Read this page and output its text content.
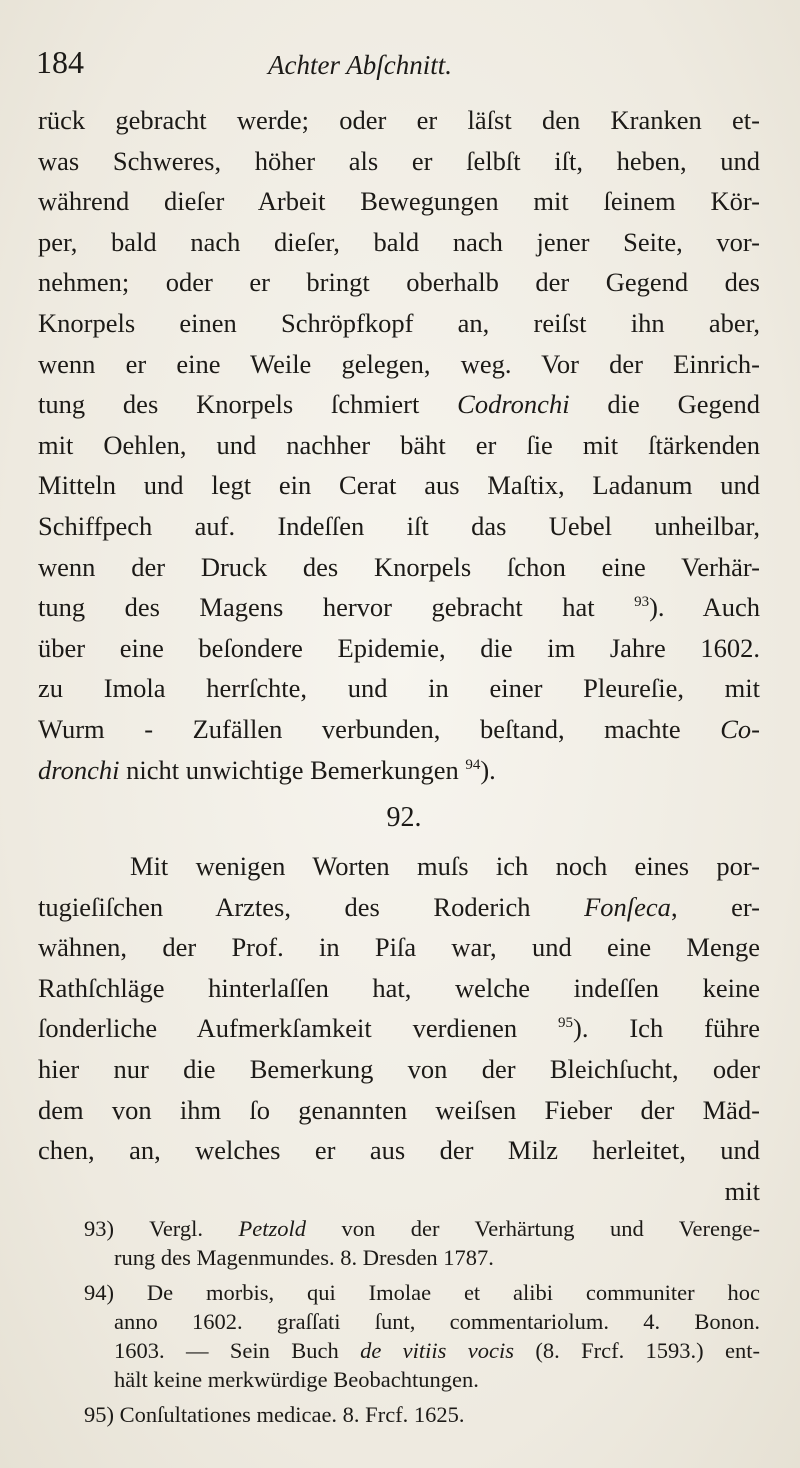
184	Achter Abſchnitt.
rück gebracht werde; oder er läſst den Kranken et-
was Schweres, höher als er ſelbſt iſt, heben, und
während dieſer Arbeit Bewegungen mit ſeinem Kör-
per, bald nach dieſer, bald nach jener Seite, vor-
nehmen; oder er bringt oberhalb der Gegend des
Knorpels einen Schröpfkopf an, reiſst ihn aber,
wenn er eine Weile gelegen, weg. Vor der Einrich-
tung des Knorpels ſchmiert Codronchi die Gegend
mit Oehlen, und nachher bäht er ſie mit ſtärkenden
Mitteln und legt ein Cerat aus Maſtix, Ladanum und
Schiffpech auf. Indeſſen iſt das Uebel unheilbar,
wenn der Druck des Knorpels ſchon eine Verhär-
tung des Magens hervor gebracht hat	$^{93}$). Auch
über eine beſondere Epidemie, die im Jahre 1602.
zu Imola herrſchte, und in einer Pleureſie, mit
Wurm - Zufällen verbunden, beſtand, machte Co-
dronchi nicht unwichtige Bemerkungen $^{94}$).
92.
Mit wenigen Worten muſs ich noch eines por-
tugieſiſchen Arztes, des Roderich Fonſeca, er-
wähnen, der Prof. in Piſa war, und eine Menge
Rathſchläge hinterlaſſen hat, welche indeſſen keine
ſonderliche Aufmerkſamkeit verdienen	$^{95}$). Ich führe
hier nur die Bemerkung von der Bleichſucht, oder
dem von ihm ſo genannten weiſsen Fieber der Mäd-
chen, an, welches er aus der Milz herleitet, und
mit
93) Vergl. Petzold von der Verhärtung und Verenge-
rung des Magenmundes. 8. Dresden 1787.
94) De morbis, qui Imolae et alibi communiter hoc
anno 1602. graſſati ſunt, commentariolum. 4. Bonon.
1603. — Sein Buch de vitiis vocis (8. Frcf. 1593.) ent-
hält keine merkwürdige Beobachtungen.
95) Conſultationes medicae. 8. Frcf. 1625.
